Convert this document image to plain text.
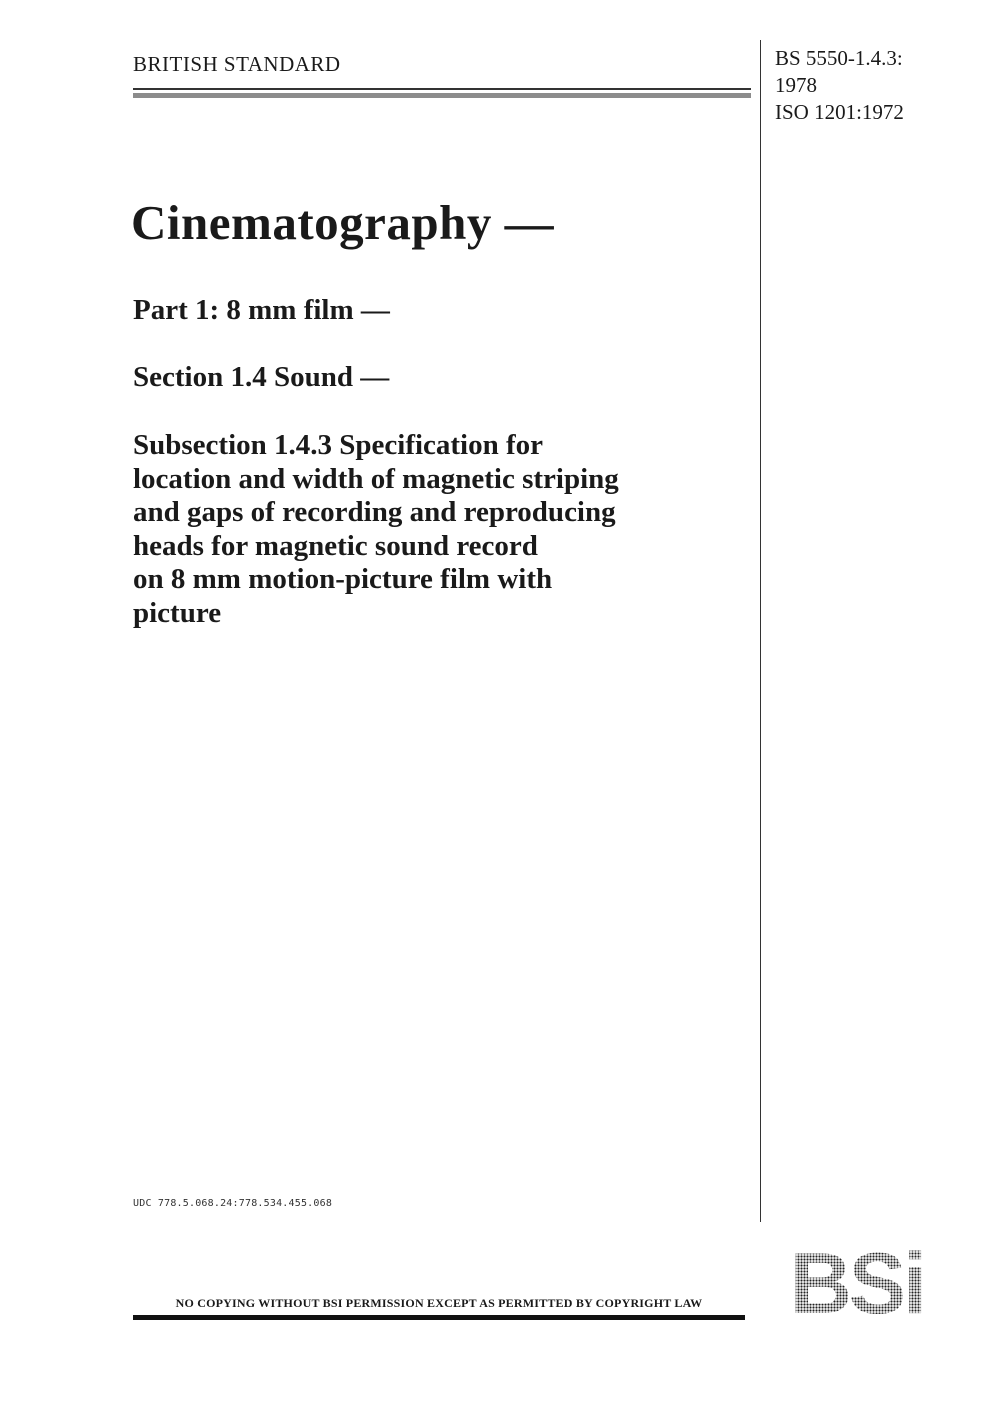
BRITISH STANDARD	BS 5550-1.4.3:
1978
ISO 1201:1972
Cinematography —
Part 1: 8 mm film —
Section 1.4 Sound —
Subsection 1.4.3 Specification for
location and width of magnetic striping
and gaps of recording and reproducing
heads for magnetic sound record
on 8 mm motion-picture film with
picture
UDC 778.5.068.24:778.534.455.068
NO COPYING WITHOUT BSI PERMISSION EXCEPT AS PERMITTED BY COPYRIGHT LAW	BSi
